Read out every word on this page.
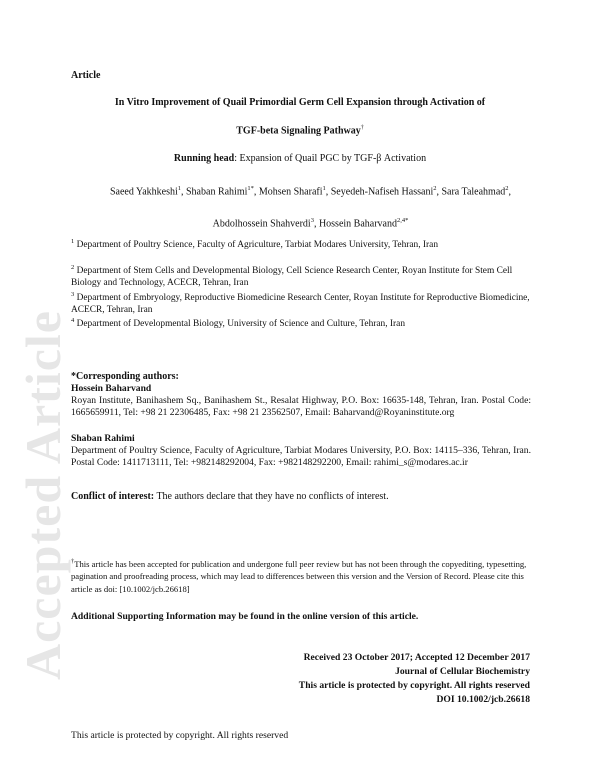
Accepted Article
Article
In Vitro Improvement of Quail Primordial Germ Cell Expansion through Activation of
TGF-beta Signaling Pathway†
Running head: Expansion of Quail PGC by TGF-β Activation
Saeed Yakhkeshi$^1$, Shaban Rahimi$^{1*}$, Mohsen Sharafi$^1$, Seyedeh-Nafiseh Hassani$^2$, Sara Taleahmad$^2$, Abdolhossein Shahverdi$^3$, Hossein Baharvand$^{2,4*}$
$^1$ Department of Poultry Science, Faculty of Agriculture, Tarbiat Modares University, Tehran, Iran
$^2$ Department of Stem Cells and Developmental Biology, Cell Science Research Center, Royan Institute for Stem Cell Biology and Technology, ACECR, Tehran, Iran
$^3$ Department of Embryology, Reproductive Biomedicine Research Center, Royan Institute for Reproductive Biomedicine, ACECR, Tehran, Iran
$^4$ Department of Developmental Biology, University of Science and Culture, Tehran, Iran
*Corresponding authors:
Hossein Baharvand
Royan Institute, Banihashem Sq., Banihashem St., Resalat Highway, P.O. Box: 16635-148, Tehran, Iran. Postal Code: 1665659911, Tel: +98 21 22306485, Fax: +98 21 23562507, Email: Baharvand@Royaninstitute.org
Shaban Rahimi
Department of Poultry Science, Faculty of Agriculture, Tarbiat Modares University, P.O. Box: 14115–336, Tehran, Iran. Postal Code: 1411713111, Tel: +982148292004, Fax: +982148292200, Email: rahimi_s@modares.ac.ir
Conflict of interest: The authors declare that they have no conflicts of interest.
†This article has been accepted for publication and undergone full peer review but has not been through the copyediting, typesetting, pagination and proofreading process, which may lead to differences between this version and the Version of Record. Please cite this article as doi: [10.1002/jcb.26618]
Additional Supporting Information may be found in the online version of this article.
Received 23 October 2017; Accepted 12 December 2017
Journal of Cellular Biochemistry
This article is protected by copyright. All rights reserved
DOI 10.1002/jcb.26618
This article is protected by copyright. All rights reserved
